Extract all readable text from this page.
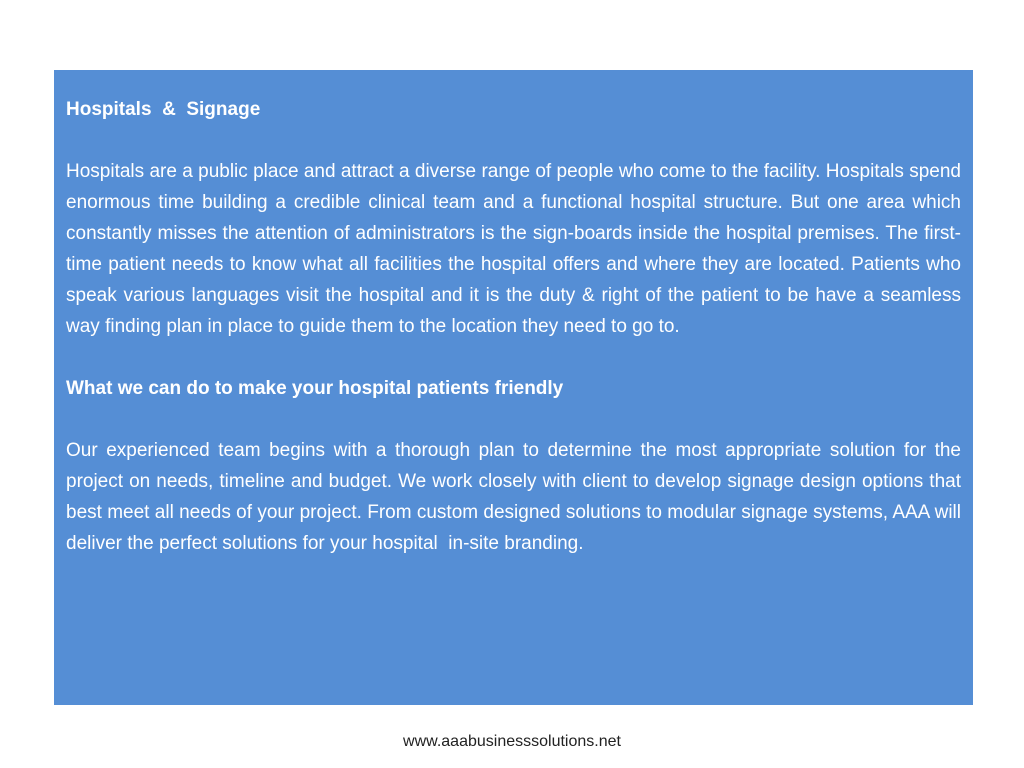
Hospitals  &  Signage

Hospitals are a public place and attract a diverse range of people who come to the facility. Hospitals spend enormous time building a credible clinical team and a functional hospital structure. But one area which constantly misses the attention of administrators is the sign-boards inside the hospital premises. The first- time patient needs to know what all facilities the hospital offers and where they are located. Patients who speak various languages visit the hospital and it is the duty & right of the patient to be have a seamless way finding plan in place to guide them to the location they need to go to.

What we can do to make your hospital patients friendly

Our experienced team begins with a thorough plan to determine the most appropriate solution for the project on needs, timeline and budget. We work closely with client to develop signage design options that best meet all needs of your project. From custom designed solutions to modular signage systems, AAA will deliver the perfect solutions for your hospital  in-site branding.

www.aaabusinesssolutions.net
